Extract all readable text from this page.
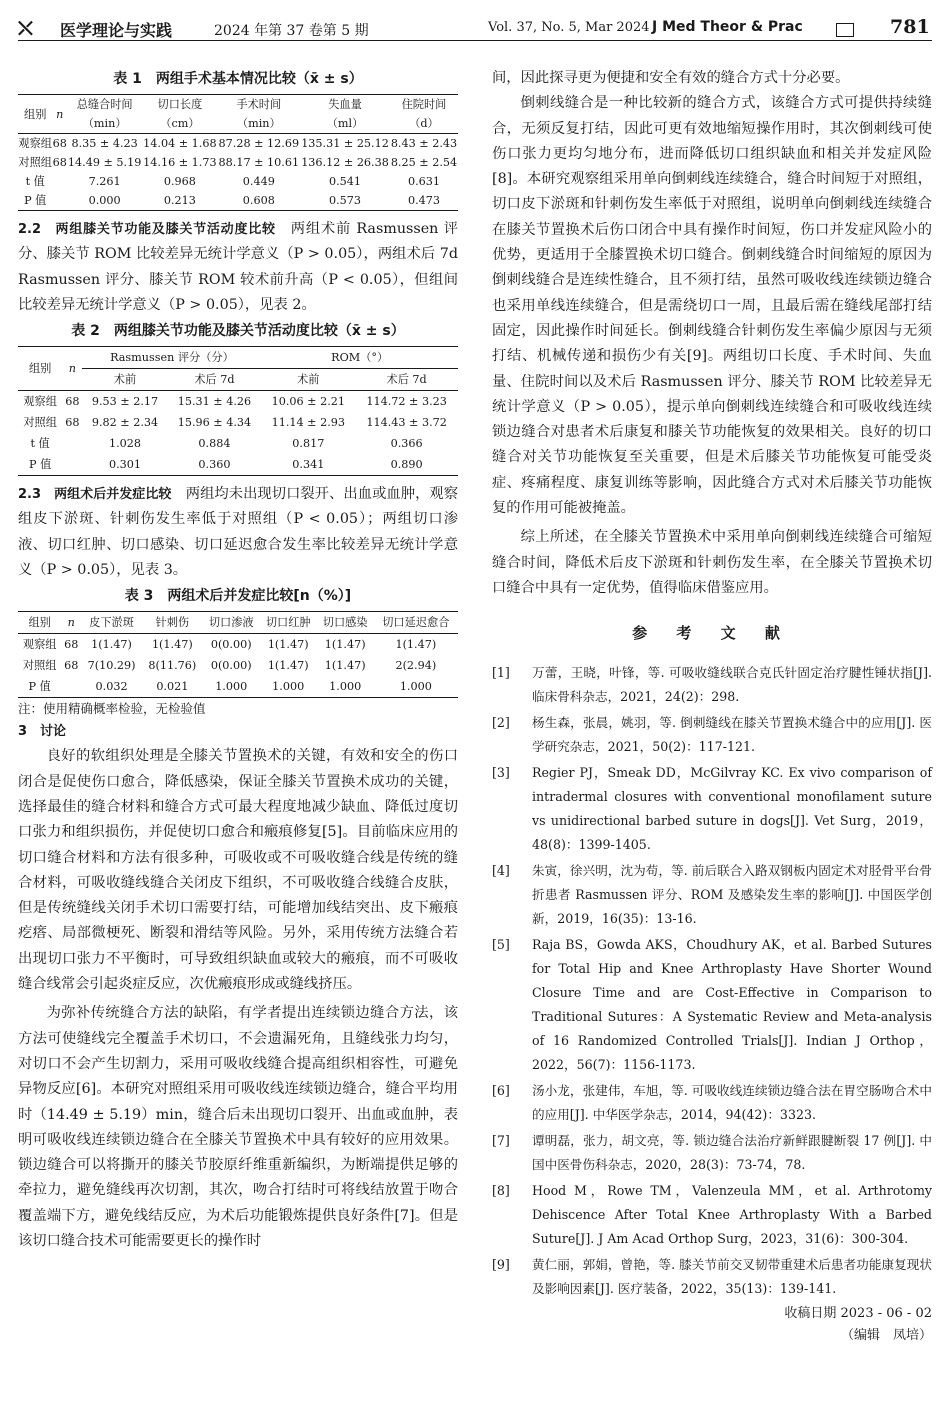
⛌ 医学理论与实践	2024 年第 37 卷第 5 期	Vol. 37, No. 5, Mar 2024 J Med Theor & Prac	781
表 1　两组手术基本情况比较（x̄ ± s）
组别	n	总缝合时间	切口长度	手术时间	失血量	住院时间
		（min）	（cm）	（min）	（ml）	（d）
观察组	68	8.35 ± 4.23	14.04 ± 1.68	87.28 ± 12.69	135.31 ± 25.12	8.43 ± 2.43
对照组	68	14.49 ± 5.19	14.16 ± 1.73	88.17 ± 10.61	136.12 ± 26.38	8.25 ± 2.54
t 值		7.261	0.968	0.449	0.541	0.631
P 值		0.000	0.213	0.608	0.573	0.473

2.2　两组膝关节功能及膝关节活动度比较　 两组术前 Rasmussen 评分、膝关节 ROM 比较差异无统计学意义（P > 0.05），两组术后 7d Rasmussen 评分、膝关节 ROM 较术前升高（P < 0.05），但组间比较差异无统计学意义（P > 0.05），见表 2。

表 2　两组膝关节功能及膝关节活动度比较（x̄ ± s）
组别	n	Rasmussen 评分（分）		ROM（°）	
		术前	术后 7d	术前	术后 7d
观察组	68	9.53 ± 2.17	15.31 ± 4.26	10.06 ± 2.21	114.72 ± 3.23
对照组	68	9.82 ± 2.34	15.96 ± 4.34	11.14 ± 2.93	114.43 ± 3.72
t 值		1.028	0.884	0.817	0.366
P 值		0.301	0.360	0.341	0.890

2.3　两组术后并发症比较　 两组均未出现切口裂开、出血或血肿，观察组皮下淤斑、针刺伤发生率低于对照组（P < 0.05）；两组切口渗液、切口红肿、切口感染、切口延迟愈合发生率比较差异无统计学意义（P > 0.05），见表 3。

表 3　两组术后并发症比较[n（%）]
组别	n	皮下淤斑	针刺伤	切口渗液	切口红肿	切口感染	切口延迟愈合
观察组	68	1(1.47)	1(1.47)	0(0.00)	1(1.47)	1(1.47)	1(1.47)
对照组	68	7(10.29)	8(11.76)	0(0.00)	1(1.47)	1(1.47)	2(2.94)
P 值		0.032	0.021	1.000	1.000	1.000	1.000
注：使用精确概率检验，无检验值
3　讨论

良好的软组织处理是全膝关节置换术的关键，有效和安全的伤口闭合是促使伤口愈合，降低感染，保证全膝关节置换术成功的关键，选择最佳的缝合材料和缝合方式可最大程度地减少缺血、降低过度切口张力和组织损伤，并促使切口愈合和瘢痕修复[5]。目前临床应用的切口缝合材料和方法有很多种，可吸收或不可吸收缝合线是传统的缝合材料，可吸收缝线缝合关闭皮下组织，不可吸收缝合线缝合皮肤，但是传统缝线关闭手术切口需要打结，可能增加线结突出、皮下瘢痕疙瘩、局部微梗死、断裂和滑结等风险。另外，采用传统方法缝合若出现切口张力不平衡时，可导致组织缺血或较大的瘢痕，而不可吸收缝合线常会引起炎症反应，次优瘢痕形成或缝线挤压。

为弥补传统缝合方法的缺陷，有学者提出连续锁边缝合方法，该方法可使缝线完全覆盖手术切口，不会遗漏死角，且缝线张力均匀，对切口不会产生切割力，采用可吸收线缝合提高组织相容性，可避免异物反应[6]。本研究对照组采用可吸收线连续锁边缝合，缝合平均用时（14.49 ± 5.19）min，缝合后未出现切口裂开、出血或血肿，表明可吸收线连续锁边缝合在全膝关节置换术中具有较好的应用效果。锁边缝合可以将撕开的膝关节胶原纤维重新编织，为断端提供足够的牵拉力，避免缝线再次切割，其次，吻合打结时可将线结放置于吻合覆盖端下方，避免线结反应，为术后功能锻炼提供良好条件[7]。但是该切口缝合技术可能需要更长的操作时

间，因此探寻更为便捷和安全有效的缝合方式十分必要。

倒刺线缝合是一种比较新的缝合方式，该缝合方式可提供持续缝合，无须反复打结，因此可更有效地缩短操作用时，其次倒刺线可使伤口张力更均匀地分布，进而降低切口组织缺血和相关并发症风险[8]。本研究观察组采用单向倒刺线连续缝合，缝合时间短于对照组，切口皮下淤斑和针刺伤发生率低于对照组，说明单向倒刺线连续缝合在膝关节置换术后伤口闭合中具有操作时间短，伤口并发症风险小的优势，更适用于全膝置换术切口缝合。倒刺线缝合时间缩短的原因为倒刺线缝合是连续性缝合，且不须打结，虽然可吸收线连续锁边缝合也采用单线连续缝合，但是需绕切口一周，且最后需在缝线尾部打结固定，因此操作时间延长。倒刺线缝合针刺伤发生率偏少原因与无须打结、机械传递和损伤少有关[9]。两组切口长度、手术时间、失血量、住院时间以及术后 Rasmussen 评分、膝关节 ROM 比较差异无统计学意义（P > 0.05），提示单向倒刺线连续缝合和可吸收线连续锁边缝合对患者术后康复和膝关节功能恢复的效果相关。良好的切口缝合对关节功能恢复至关重要，但是术后膝关节功能恢复可能受炎症、疼痛程度、康复训练等影响，因此缝合方式对术后膝关节功能恢复的作用可能被掩盖。

综上所述，在全膝关节置换术中采用单向倒刺线连续缝合可缩短缝合时间，降低术后皮下淤斑和针刺伤发生率，在全膝关节置换术切口缝合中具有一定优势，值得临床借鉴应用。

参 考 文 献
[1] 万蕾，王晓，叶锋，等. 可吸收缝线联合克氏针固定治疗腱性锤状指[J]. 临床骨科杂志，2021，24(2)：298.
[2] 杨生森，张晨，姚羽，等. 倒刺缝线在膝关节置换术缝合中的应用[J]. 医学研究杂志，2021，50(2)：117-121.
[3] Regier PJ，Smeak DD，McGilvray KC. Ex vivo comparison of intradermal closures with conventional monofilament suture vs unidirectional barbed suture in dogs[J]. Vet Surg，2019，48(8)：1399-1405.
[4] 朱寅，徐兴明，沈为苟，等. 前后联合入路双钢板内固定术对胫骨平台骨折患者 Rasmussen 评分、ROM 及感染发生率的影响[J]. 中国医学创新，2019，16(35)：13-16.
[5] Raja BS，Gowda AKS，Choudhury AK，et al. Barbed Sutures for Total Hip and Knee Arthroplasty Have Shorter Wound Closure Time and are Cost-Effective in Comparison to Traditional Sutures：A Systematic Review and Meta-analysis of 16 Randomized Controlled Trials[J]. Indian J Orthop，2022，56(7)：1156-1173.
[6] 汤小龙，张建伟，车旭，等. 可吸收线连续锁边缝合法在胃空肠吻合术中的应用[J]. 中华医学杂志，2014，94(42)：3323.
[7] 谭明磊，张力，胡文亮，等. 锁边缝合法治疗新鲜跟腱断裂 17 例[J]. 中国中医骨伤科杂志，2020，28(3)：73-74，78.
[8] Hood M，Rowe TM，Valenzeula MM，et al. Arthrotomy Dehiscence After Total Knee Arthroplasty With a Barbed Suture[J]. J Am Acad Orthop Surg，2023，31(6)：300-304.
[9] 黄仁丽，郭娟，曾艳，等. 膝关节前交叉韧带重建术后患者功能康复现状及影响因素[J]. 医疗装备，2022，35(13)：139-141.
收稿日期 2023 - 06 - 02
（编辑　凤培）
